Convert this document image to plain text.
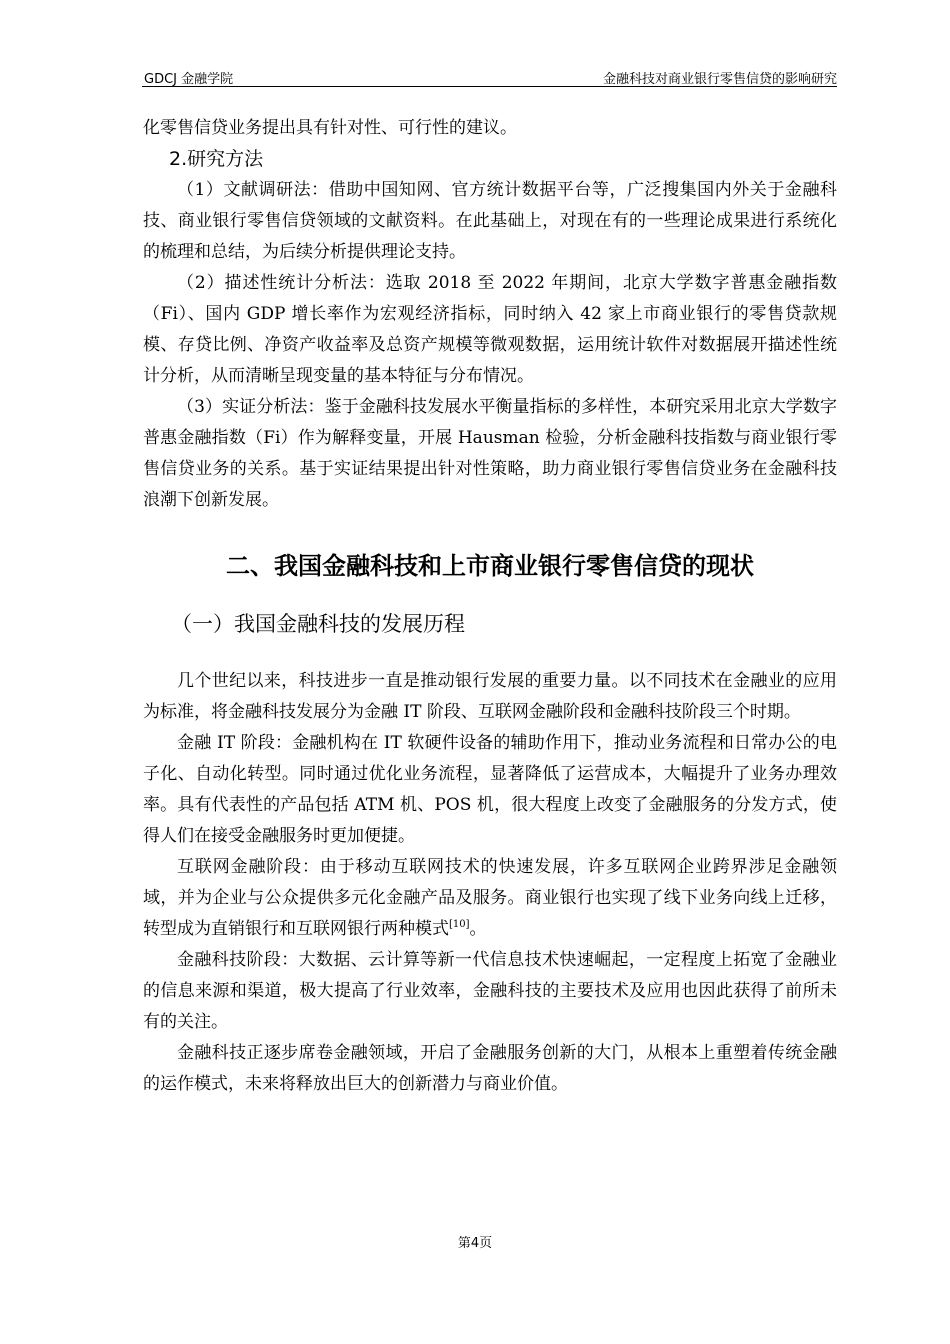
GDCJ 金融学院	金融科技对商业银行零售信贷的影响研究

化零售信贷业务提出具有针对性、可行性的建议。

2.研究方法

（1）文献调研法：借助中国知网、官方统计数据平台等，广泛搜集国内外关于金融科技、商业银行零售信贷领域的文献资料。在此基础上，对现在有的一些理论成果进行系统化的梳理和总结，为后续分析提供理论支持。

（2）描述性统计分析法：选取 2018 至 2022 年期间，北京大学数字普惠金融指数（Fi）、国内 GDP 增长率作为宏观经济指标，同时纳入 42 家上市商业银行的零售贷款规模、存贷比例、净资产收益率及总资产规模等微观数据，运用统计软件对数据展开描述性统计分析，从而清晰呈现变量的基本特征与分布情况。

（3）实证分析法：鉴于金融科技发展水平衡量指标的多样性，本研究采用北京大学数字普惠金融指数（Fi）作为解释变量，开展 Hausman 检验，分析金融科技指数与商业银行零售信贷业务的关系。基于实证结果提出针对性策略，助力商业银行零售信贷业务在金融科技浪潮下创新发展。

二、我国金融科技和上市商业银行零售信贷的现状

（一）我国金融科技的发展历程

几个世纪以来，科技进步一直是推动银行发展的重要力量。以不同技术在金融业的应用为标准，将金融科技发展分为金融 IT 阶段、互联网金融阶段和金融科技阶段三个时期。

金融 IT 阶段：金融机构在 IT 软硬件设备的辅助作用下，推动业务流程和日常办公的电子化、自动化转型。同时通过优化业务流程，显著降低了运营成本，大幅提升了业务办理效率。具有代表性的产品包括 ATM 机、POS 机，很大程度上改变了金融服务的分发方式，使得人们在接受金融服务时更加便捷。

互联网金融阶段：由于移动互联网技术的快速发展，许多互联网企业跨界涉足金融领域，并为企业与公众提供多元化金融产品及服务。商业银行也实现了线下业务向线上迁移，转型成为直销银行和互联网银行两种模式[10]。

金融科技阶段：大数据、云计算等新一代信息技术快速崛起，一定程度上拓宽了金融业的信息来源和渠道，极大提高了行业效率，金融科技的主要技术及应用也因此获得了前所未有的关注。

金融科技正逐步席卷金融领域，开启了金融服务创新的大门，从根本上重塑着传统金融的运作模式，未来将释放出巨大的创新潜力与商业价值。

第4页
